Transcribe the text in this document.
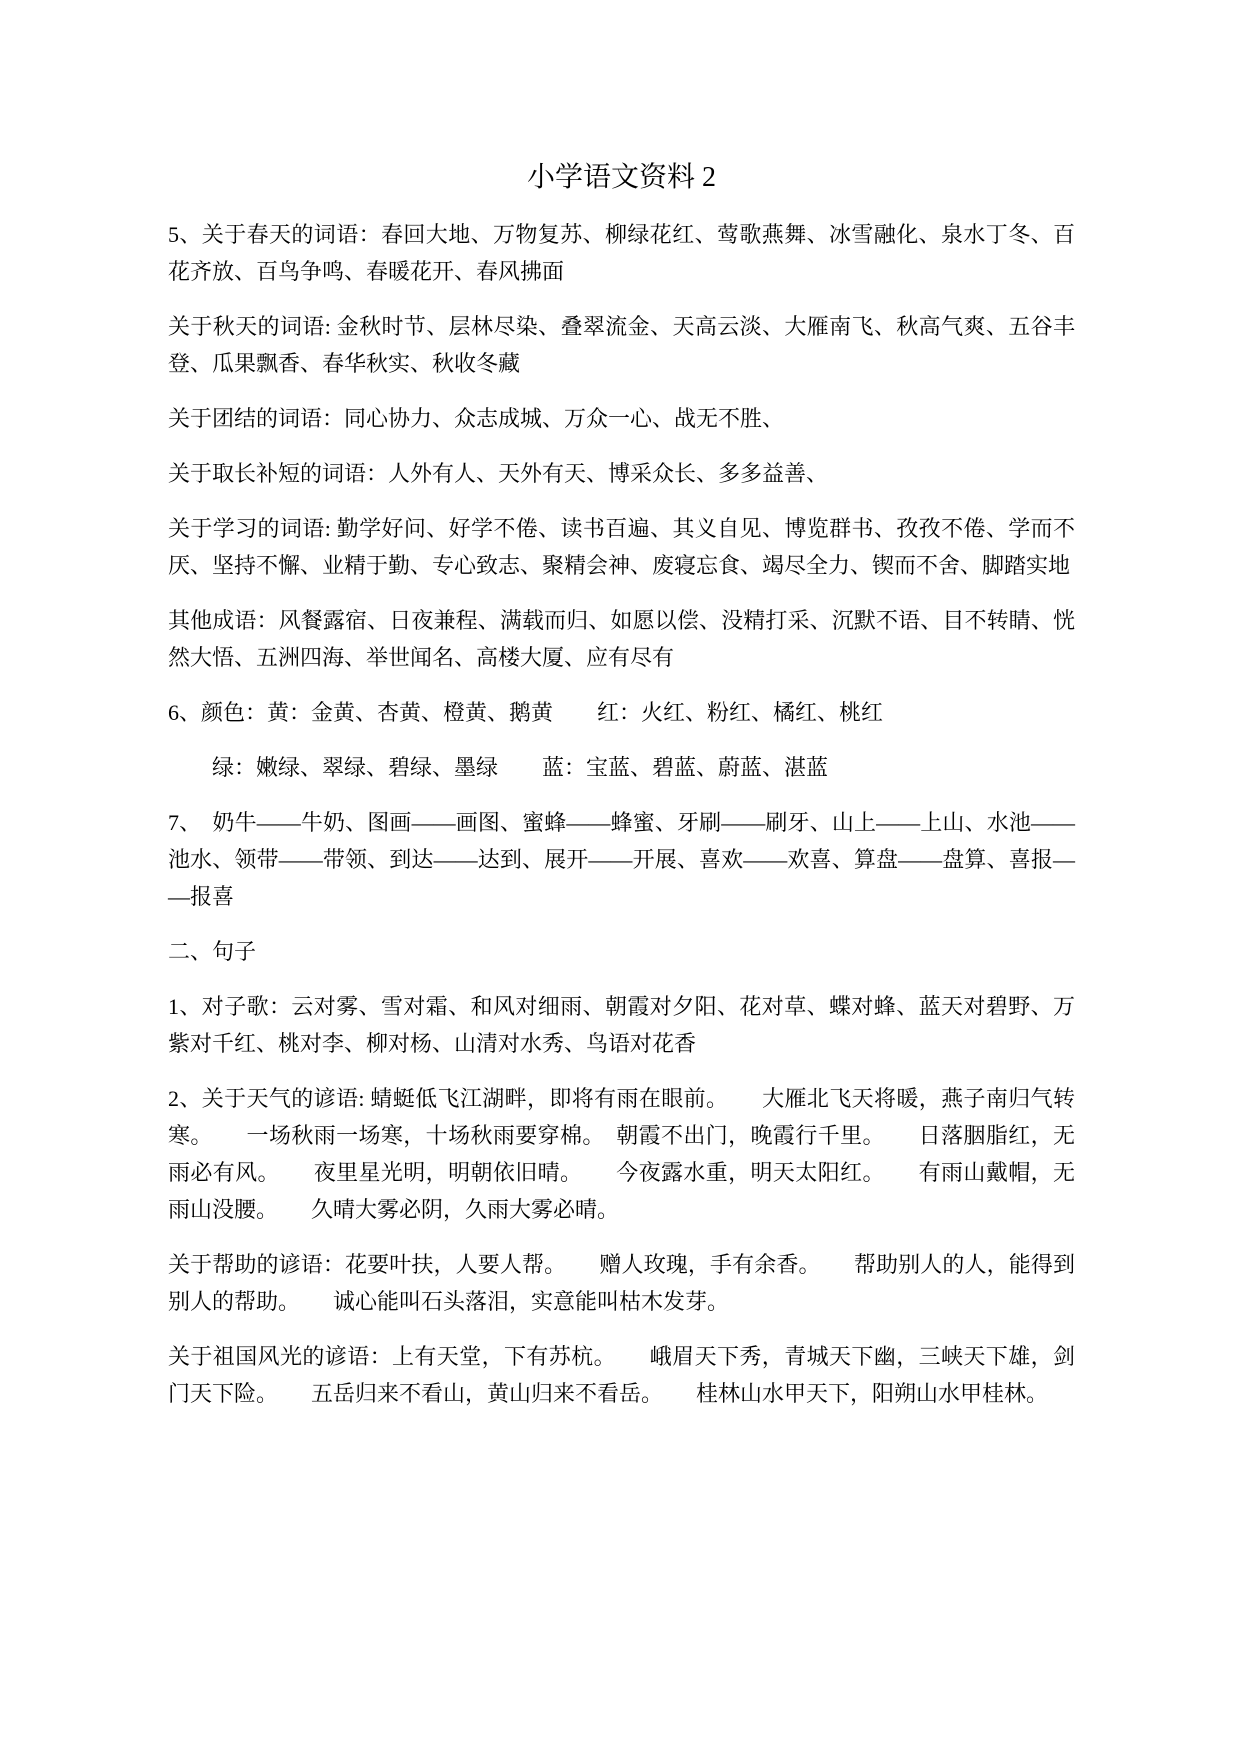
小学语文资料 2

5、关于春天的词语：春回大地、万物复苏、柳绿花红、莺歌燕舞、冰雪融化、泉水丁冬、百花齐放、百鸟争鸣、春暖花开、春风拂面

关于秋天的词语: 金秋时节、层林尽染、叠翠流金、天高云淡、大雁南飞、秋高气爽、五谷丰登、瓜果飘香、春华秋实、秋收冬藏

关于团结的词语：同心协力、众志成城、万众一心、战无不胜、

关于取长补短的词语：人外有人、天外有天、博采众长、多多益善、

关于学习的词语: 勤学好问、好学不倦、读书百遍、其义自见、博览群书、孜孜不倦、学而不厌、坚持不懈、业精于勤、专心致志、聚精会神、废寝忘食、竭尽全力、锲而不舍、脚踏实地

其他成语：风餐露宿、日夜兼程、满载而归、如愿以偿、没精打采、沉默不语、目不转睛、恍然大悟、五洲四海、举世闻名、高楼大厦、应有尽有

6、颜色：黄：金黄、杏黄、橙黄、鹅黄　　红：火红、粉红、橘红、桃红

　　绿：嫩绿、翠绿、碧绿、墨绿　　蓝：宝蓝、碧蓝、蔚蓝、湛蓝

7、　奶牛——牛奶、图画——画图、蜜蜂——蜂蜜、牙刷——刷牙、山上——上山、水池——池水、领带——带领、到达——达到、展开——开展、喜欢——欢喜、算盘——盘算、喜报——报喜

二、句子

1、对子歌：云对雾、雪对霜、和风对细雨、朝霞对夕阳、花对草、蝶对蜂、蓝天对碧野、万紫对千红、桃对李、柳对杨、山清对水秀、鸟语对花香

2、关于天气的谚语: 蜻蜓低飞江湖畔，即将有雨在眼前。　　大雁北飞天将暖，燕子南归气转寒。　　一场秋雨一场寒，十场秋雨要穿棉。　朝霞不出门，晚霞行千里。　　日落胭脂红，无雨必有风。　　夜里星光明，明朝依旧晴。　　今夜露水重，明天太阳红。　　有雨山戴帽，无雨山没腰。　　久晴大雾必阴，久雨大雾必晴。

关于帮助的谚语：花要叶扶，人要人帮。　　赠人玫瑰，手有余香。　　帮助别人的人，能得到别人的帮助。　　诚心能叫石头落泪，实意能叫枯木发芽。

关于祖国风光的谚语：上有天堂，下有苏杭。　　峨眉天下秀，青城天下幽，三峡天下雄，剑门天下险。　　五岳归来不看山，黄山归来不看岳。　　桂林山水甲天下，阳朔山水甲桂林。
